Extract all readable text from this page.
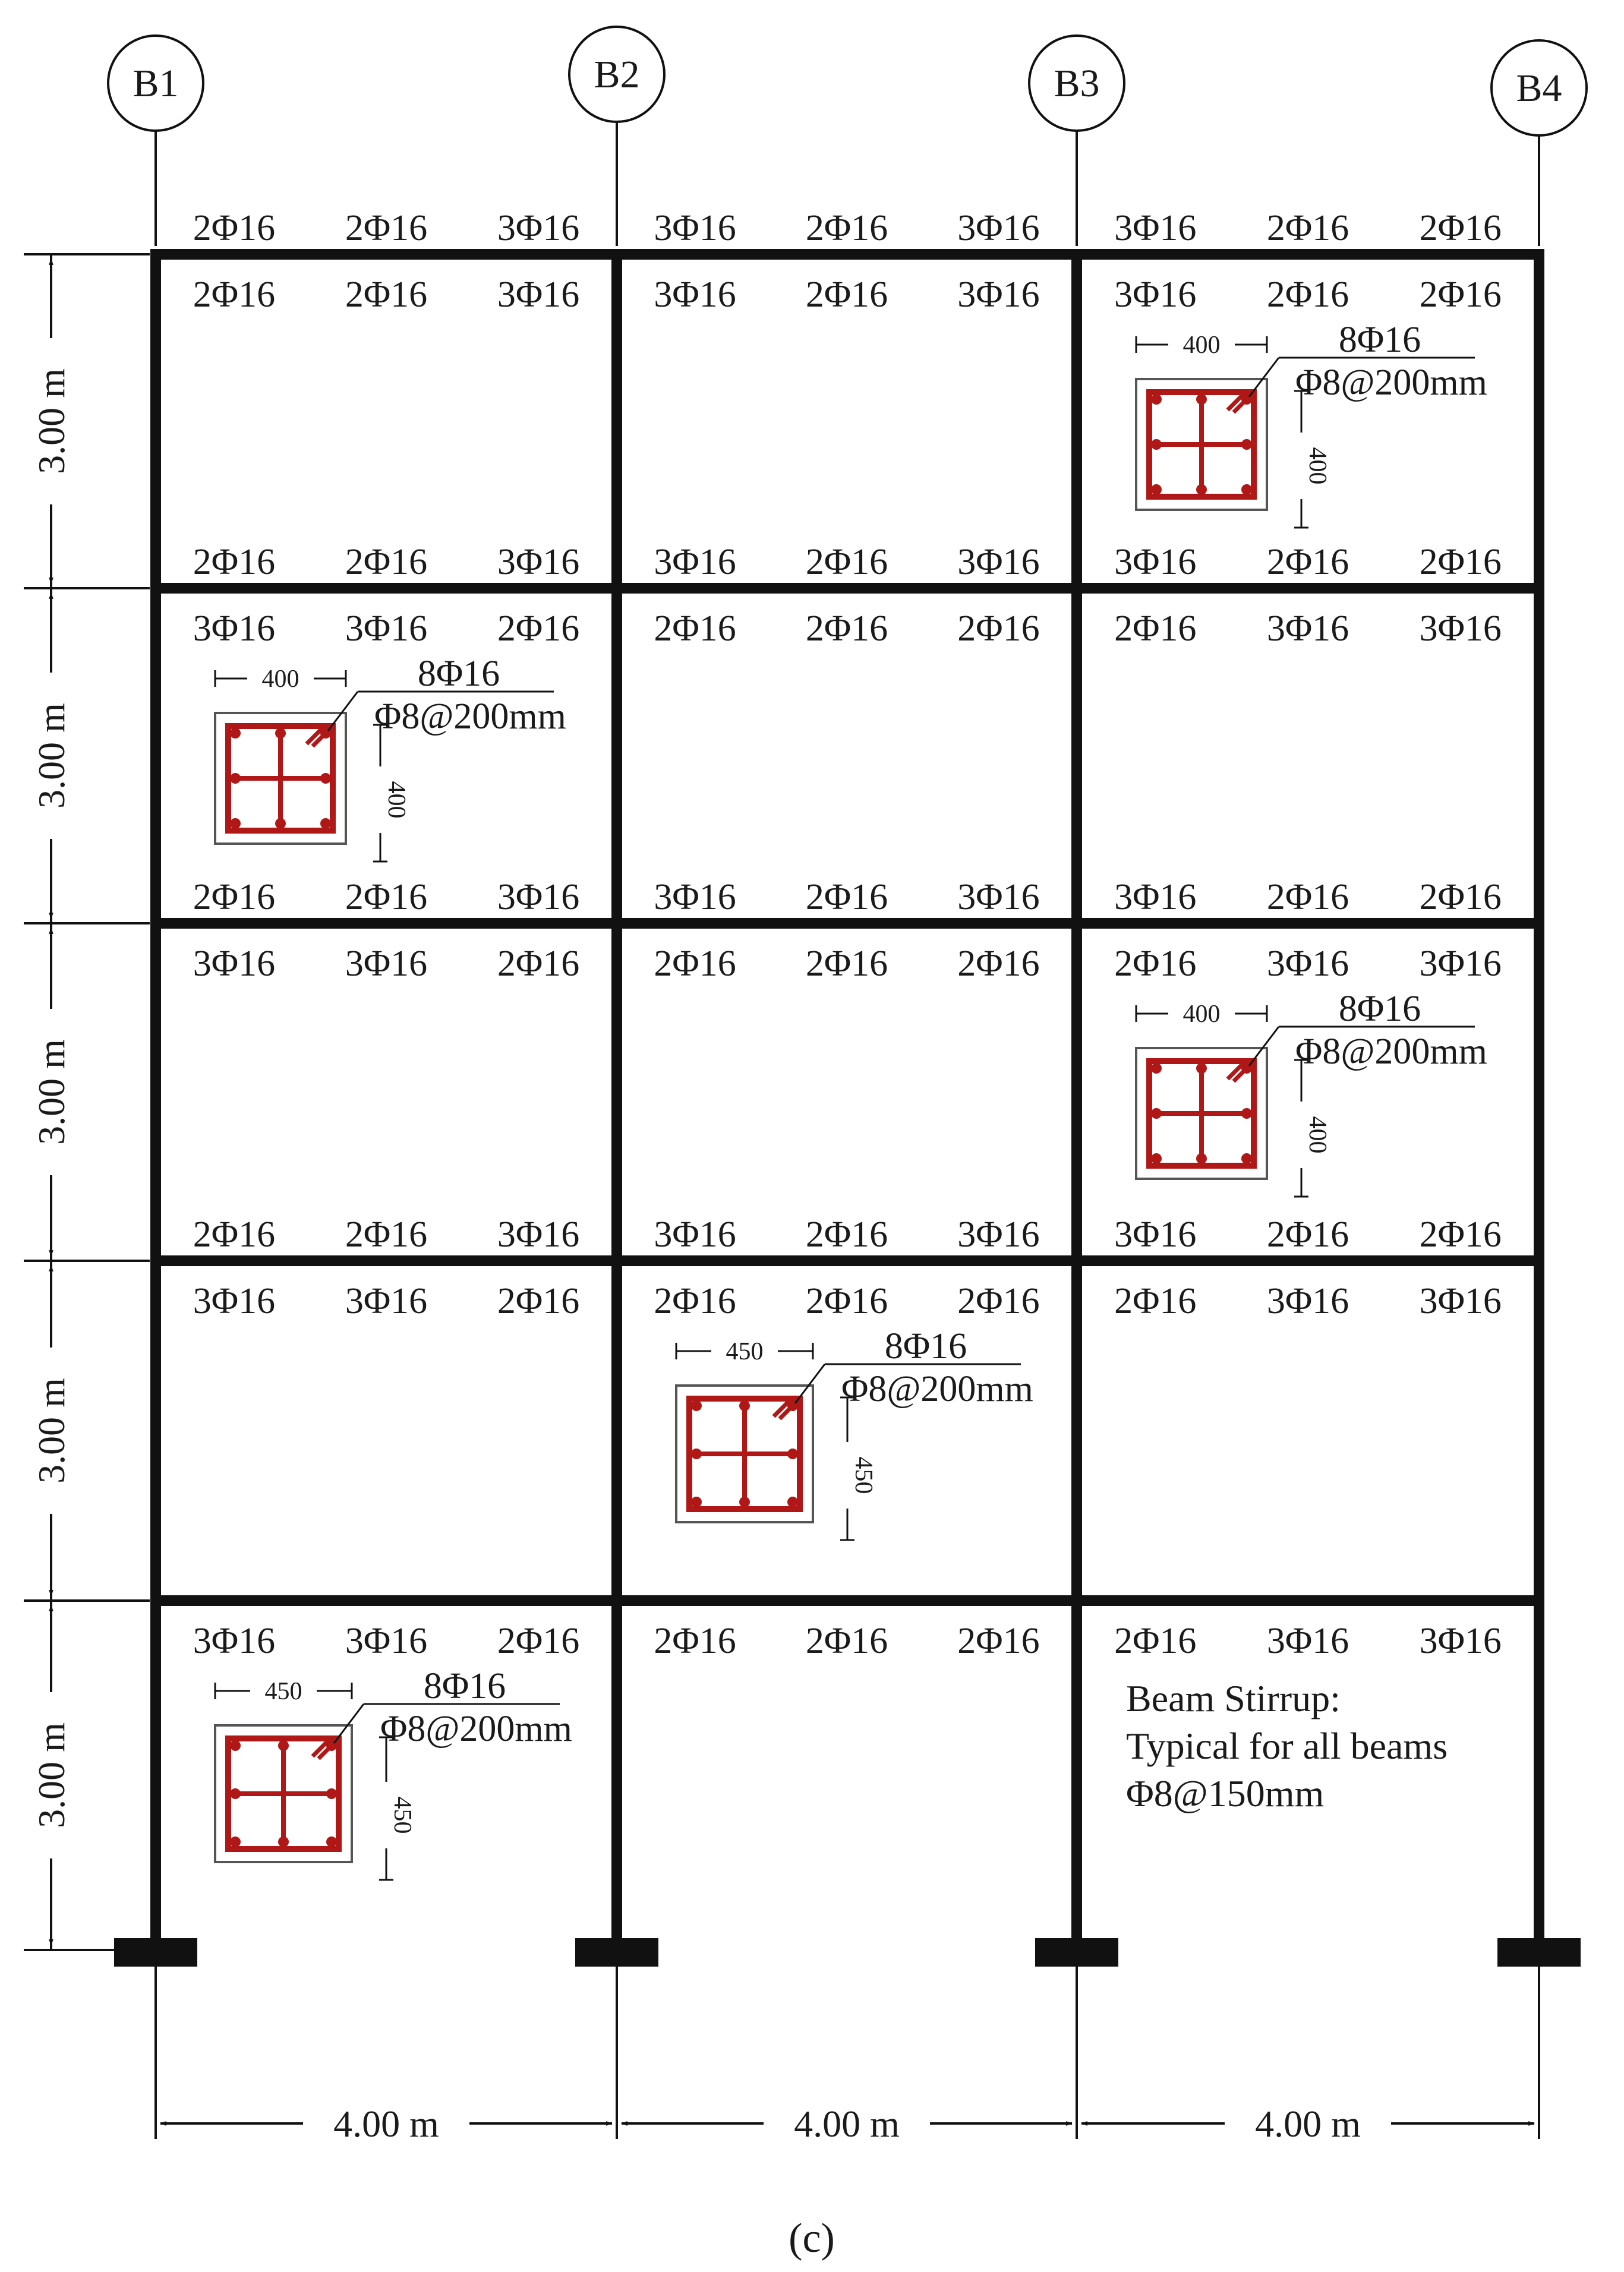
400
400
8Φ16
Φ8@200mm
400
400
8Φ16
Φ8@200mm
400
400
8Φ16
Φ8@200mm
450
450
8Φ16
Φ8@200mm
450
450
8Φ16
Φ8@200mm
B1	B2	B3	B4
3.00 m
3.00 m
3.00 m
3.00 m
3.00 m
4.00 m	4.00 m	4.00 m
2Φ16 2Φ16 3Φ16
2Φ16 2Φ16 3Φ16
3Φ16 2Φ16 3Φ16
3Φ16 2Φ16 3Φ16
3Φ16 2Φ16 2Φ16
3Φ16 2Φ16 2Φ16
3Φ16 3Φ16 2Φ16
2Φ16 2Φ16 3Φ16
2Φ16 2Φ16 2Φ16
3Φ16 2Φ16 3Φ16
2Φ16 3Φ16 3Φ16
3Φ16 2Φ16 2Φ16
3Φ16 3Φ16 2Φ16
2Φ16 2Φ16 3Φ16
2Φ16 2Φ16 2Φ16
3Φ16 2Φ16 3Φ16
2Φ16 3Φ16 3Φ16
3Φ16 2Φ16 2Φ16
3Φ16 3Φ16 2Φ16
2Φ16 2Φ16 3Φ16
2Φ16 2Φ16 2Φ16
3Φ16 2Φ16 3Φ16
2Φ16 3Φ16 3Φ16
3Φ16 2Φ16 2Φ16
3Φ16 3Φ16 2Φ16 2Φ16 2Φ16 2Φ16 2Φ16 3Φ16 3Φ16
Beam Stirrup:
Typical for all beams
Φ8@150mm
(c)
